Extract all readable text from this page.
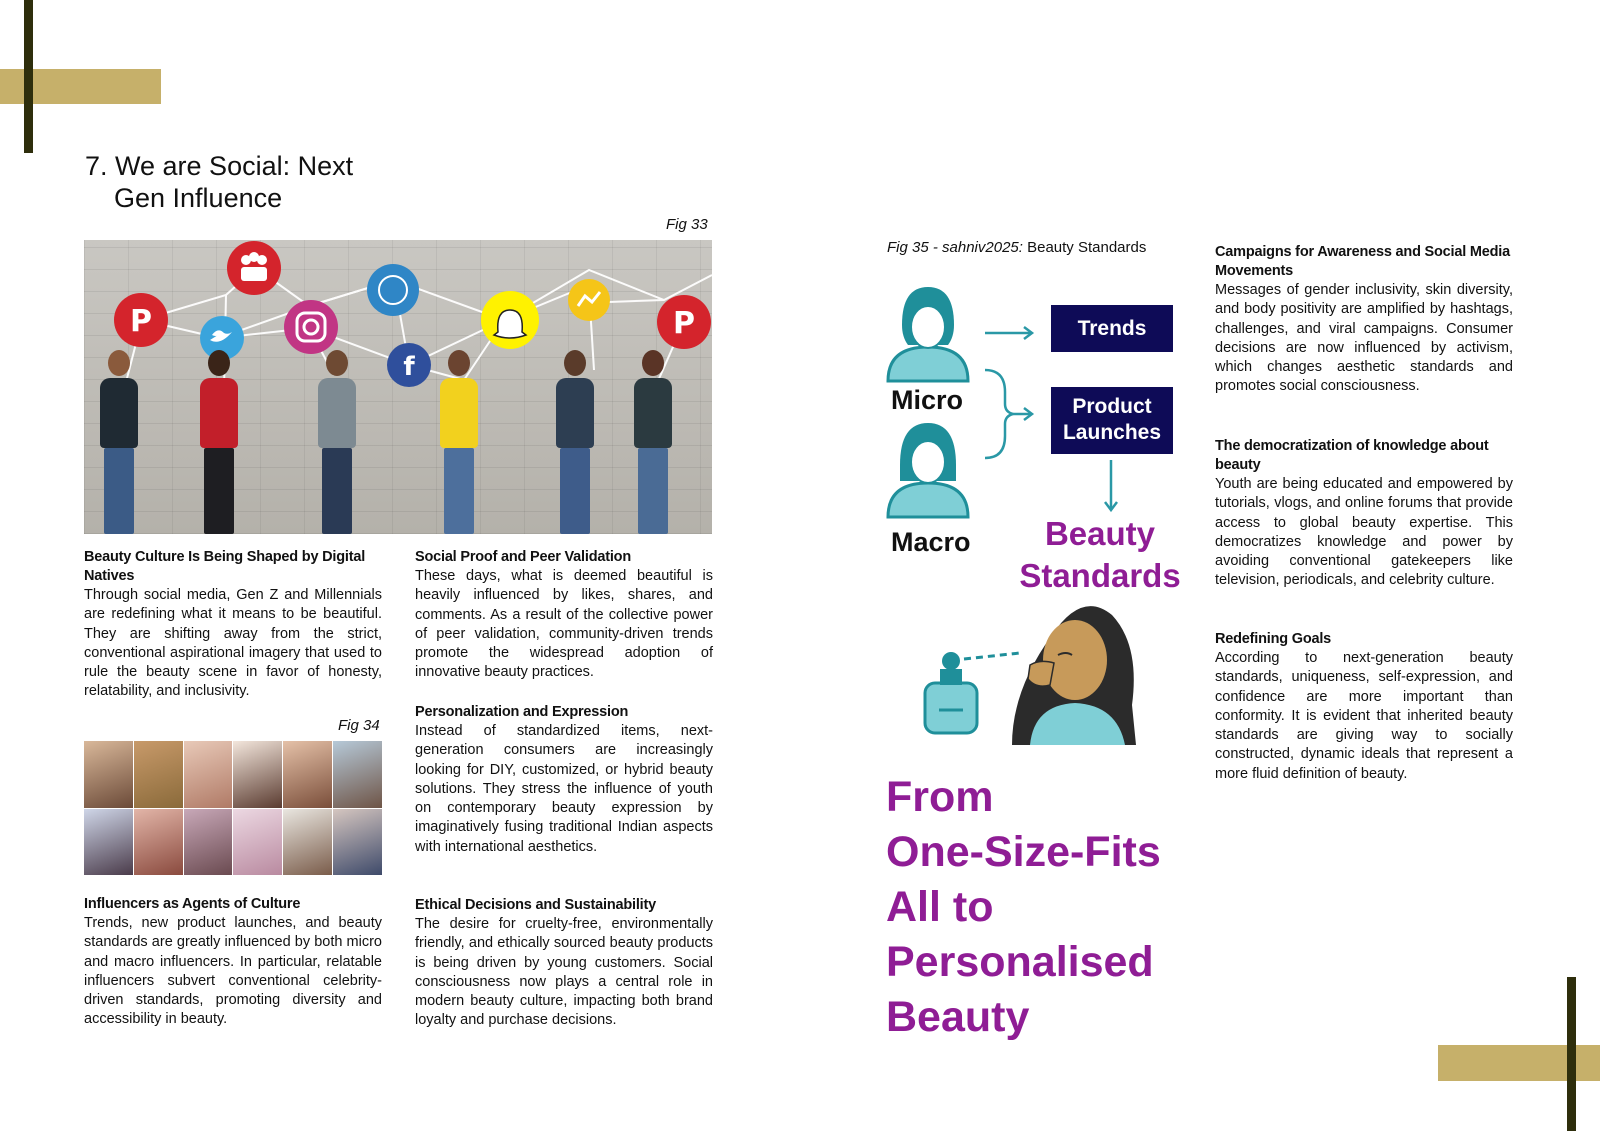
7. We are Social: Next
Gen Influence
Fig 33
P
f
P
Beauty Culture Is Being Shaped by Digital Natives
Through social media, Gen Z and Millennials are redefining what it means to be beautiful. They are shifting away from the strict, conventional aspirational imagery that used to rule the beauty scene in favor of honesty, relatability, and inclusivity.
Fig 34
Influencers as Agents of Culture
Trends, new product launches, and beauty standards are greatly influenced by both micro and macro influencers. In particular, relatable influencers subvert conventional celebrity-driven standards, promoting diversity and accessibility in beauty.
Social Proof and Peer Validation
These days, what is deemed beautiful is heavily influenced by likes, shares, and comments. As a result of the collective power of peer validation, community-driven trends promote the widespread adoption of innovative beauty practices.
Personalization and Expression
Instead of standardized items, next-generation consumers are increasingly looking for DIY, customized, or hybrid beauty solutions. They stress the influence of youth on contemporary beauty expression by imaginatively fusing traditional Indian aspects with international aesthetics.
Ethical Decisions and Sustainability
The desire for cruelty-free, environmentally friendly, and ethically sourced beauty products is being driven by young customers. Social consciousness now plays a central role in modern beauty culture, impacting both brand loyalty and purchase decisions.
Fig 35 - sahniv2025: Beauty Standards
Micro
Macro
Trends
Product
Launches
Beauty
Standards
From
One-Size-Fits
All to
Personalised
Beauty
Campaigns for Awareness and Social Media Movements
Messages of gender inclusivity, skin diversity, and body positivity are amplified by hashtags, challenges, and viral campaigns. Consumer decisions are now influenced by activism, which changes aesthetic standards and promotes social consciousness.
The democratization of knowledge about beauty
Youth are being educated and empowered by tutorials, vlogs, and online forums that provide access to global beauty expertise. This democratizes knowledge and power by avoiding conventional gatekeepers like television, periodicals, and celebrity culture.
Redefining Goals
According to next-generation beauty standards, uniqueness, self-expression, and confidence are more important than conformity. It is evident that inherited beauty standards are giving way to socially constructed, dynamic ideals that represent a more fluid definition of beauty.
